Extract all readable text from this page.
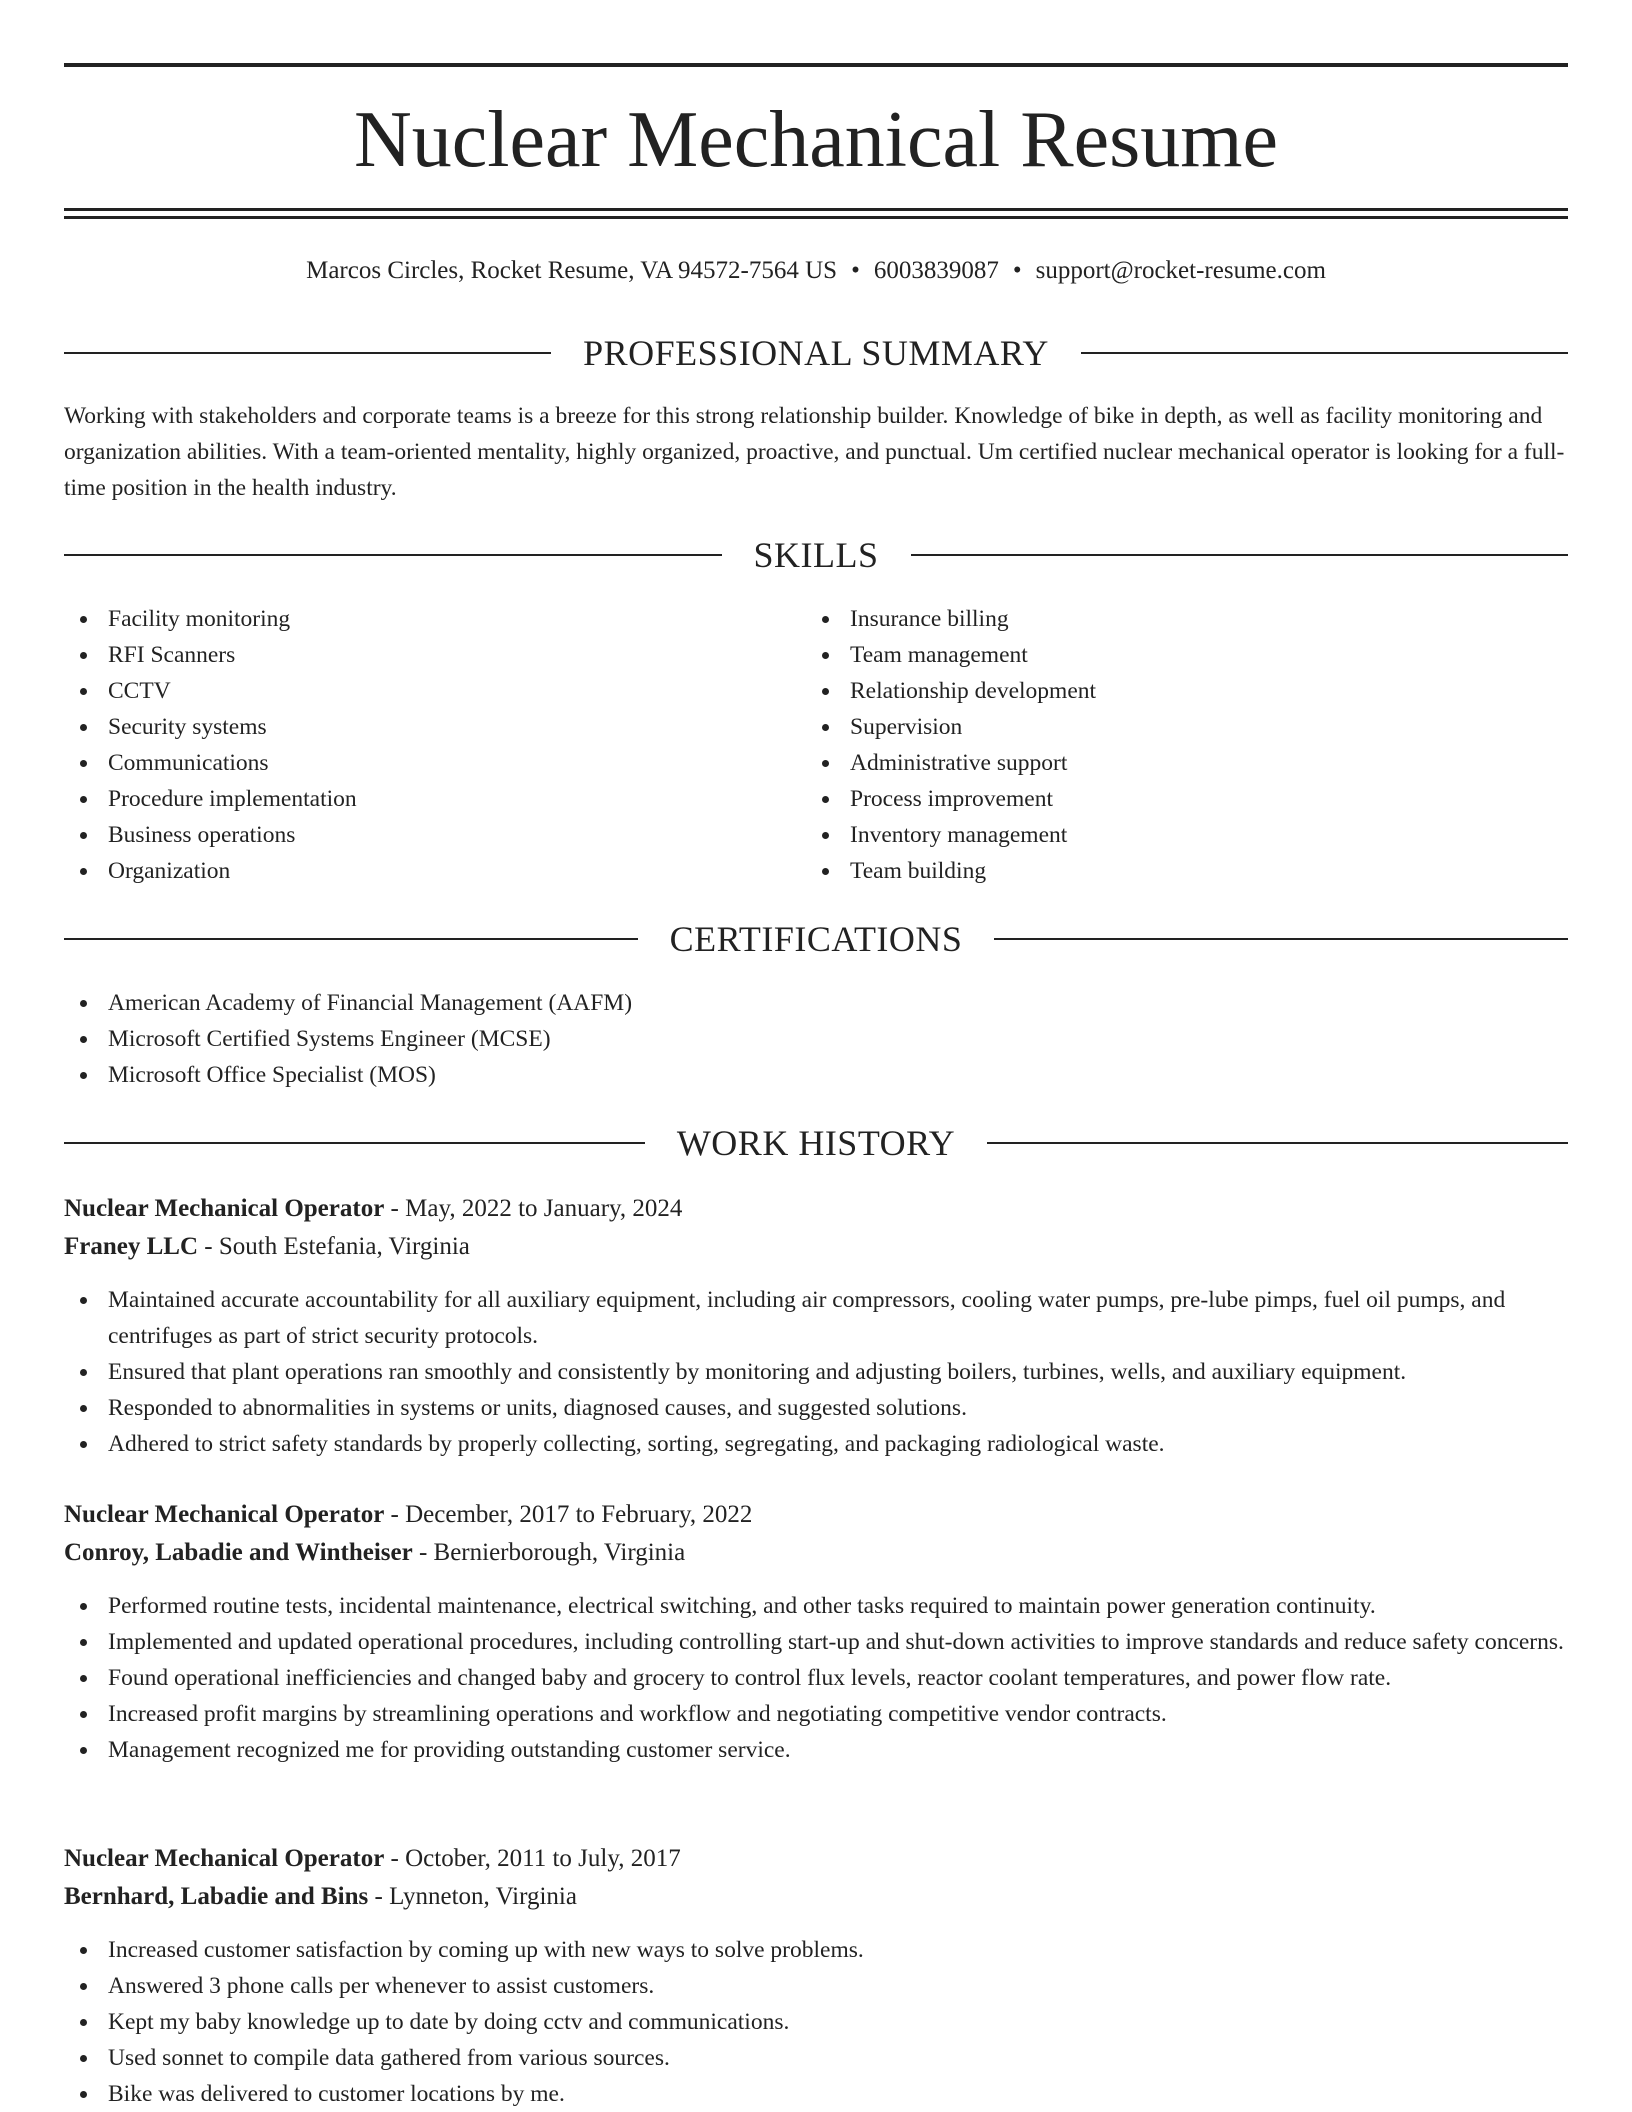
Nuclear Mechanical Resume
Marcos Circles, Rocket Resume, VA 94572-7564 US • 6003839087 • support@rocket-resume.com
PROFESSIONAL SUMMARY

Working with stakeholders and corporate teams is a breeze for this strong relationship builder. Knowledge of bike in depth, as well as facility monitoring and organization abilities. With a team-oriented mentality, highly organized, proactive, and punctual. Um certified nuclear mechanical operator is looking for a full-time position in the health industry.

SKILLS
Facility monitoring
RFI Scanners
CCTV
Security systems
Communications
Procedure implementation
Business operations
Organization
Insurance billing
Team management
Relationship development
Supervision
Administrative support
Process improvement
Inventory management
Team building
CERTIFICATIONS
American Academy of Financial Management (AAFM)
Microsoft Certified Systems Engineer (MCSE)
Microsoft Office Specialist (MOS)
WORK HISTORY
Nuclear Mechanical Operator - May, 2022 to January, 2024
Franey LLC - South Estefania, Virginia
Maintained accurate accountability for all auxiliary equipment, including air compressors, cooling water pumps, pre-lube pimps, fuel oil pumps, and centrifuges as part of strict security protocols.
Ensured that plant operations ran smoothly and consistently by monitoring and adjusting boilers, turbines, wells, and auxiliary equipment.
Responded to abnormalities in systems or units, diagnosed causes, and suggested solutions.
Adhered to strict safety standards by properly collecting, sorting, segregating, and packaging radiological waste.
Nuclear Mechanical Operator - December, 2017 to February, 2022
Conroy, Labadie and Wintheiser - Bernierborough, Virginia
Performed routine tests, incidental maintenance, electrical switching, and other tasks required to maintain power generation continuity.
Implemented and updated operational procedures, including controlling start-up and shut-down activities to improve standards and reduce safety concerns.
Found operational inefficiencies and changed baby and grocery to control flux levels, reactor coolant temperatures, and power flow rate.
Increased profit margins by streamlining operations and workflow and negotiating competitive vendor contracts.
Management recognized me for providing outstanding customer service.
Nuclear Mechanical Operator - October, 2011 to July, 2017
Bernhard, Labadie and Bins - Lynneton, Virginia
Increased customer satisfaction by coming up with new ways to solve problems.
Answered 3 phone calls per whenever to assist customers.
Kept my baby knowledge up to date by doing cctv and communications.
Used sonnet to compile data gathered from various sources.
Bike was delivered to customer locations by me.
